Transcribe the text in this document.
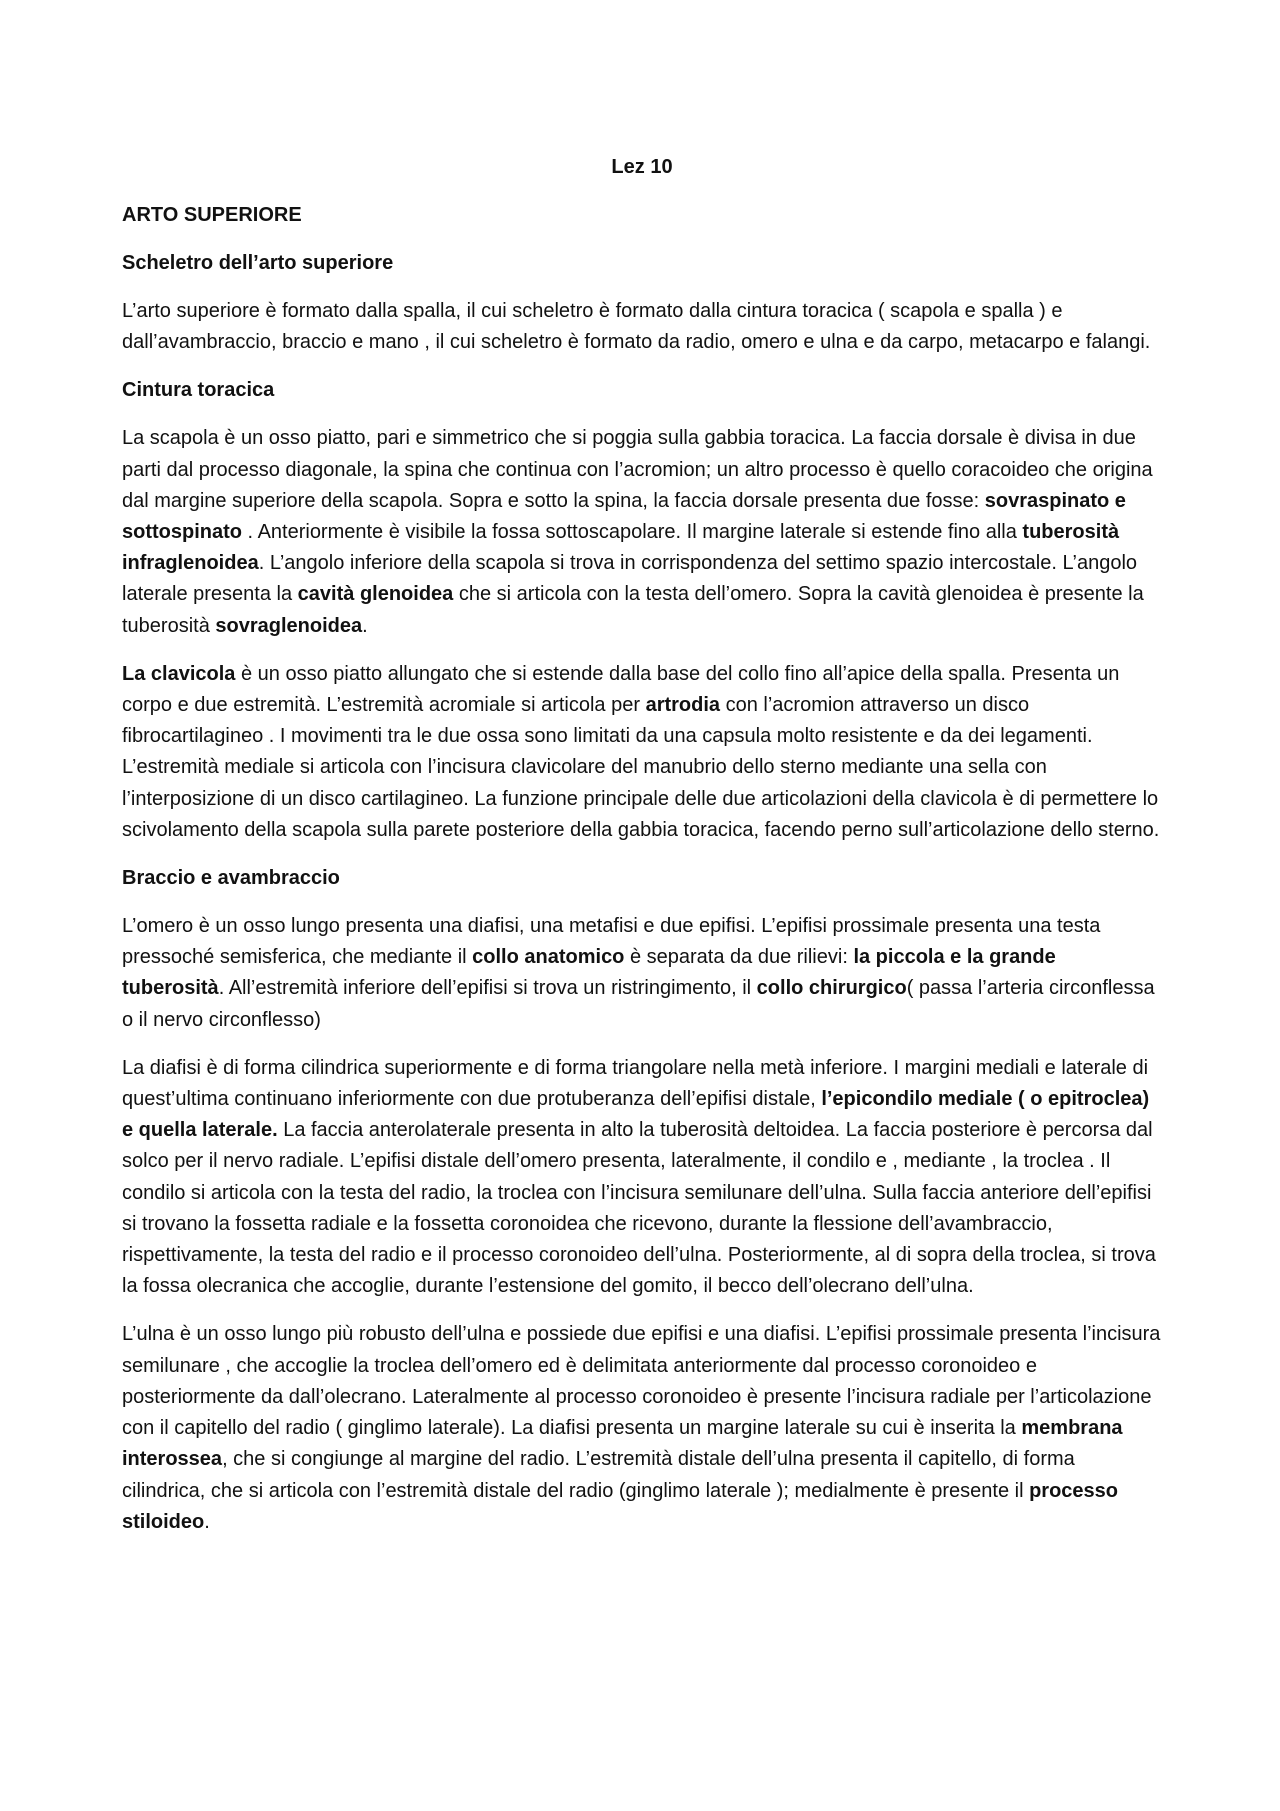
Lez 10
ARTO SUPERIORE
Scheletro dell’arto superiore

L’arto superiore è formato dalla spalla, il cui scheletro è formato dalla cintura toracica ( scapola e spalla ) e dall’avambraccio, braccio e mano , il cui scheletro è formato da radio, omero e ulna e da carpo, metacarpo e falangi.

Cintura toracica

La scapola è un osso piatto, pari e simmetrico che si poggia sulla gabbia toracica. La faccia dorsale è divisa in due parti dal processo diagonale, la spina che continua con l’acromion; un altro processo è quello coracoideo che origina dal margine superiore della scapola. Sopra e sotto la spina, la faccia dorsale presenta due fosse: sovraspinato e sottospinato . Anteriormente è visibile la fossa sottoscapolare. Il margine laterale si estende fino alla tuberosità infraglenoidea. L’angolo inferiore della scapola si trova in corrispondenza del settimo spazio intercostale. L’angolo laterale presenta la cavità glenoidea che si articola con la testa dell’omero. Sopra la cavità glenoidea è presente la tuberosità sovraglenoidea.

La clavicola è un osso piatto allungato che si estende dalla base del collo fino all’apice della spalla. Presenta un corpo e due estremità. L’estremità acromiale si articola per artrodia con l’acromion attraverso un disco fibrocartilagineo . I movimenti tra le due ossa sono limitati da una capsula molto resistente e da dei legamenti. L’estremità mediale si articola con l’incisura clavicolare del manubrio dello sterno mediante una sella con l’interposizione di un disco cartilagineo. La funzione principale delle due articolazioni della clavicola è di permettere lo scivolamento della scapola sulla parete posteriore della gabbia toracica, facendo perno sull’articolazione dello sterno.

Braccio e avambraccio

L’omero è un osso lungo presenta una diafisi, una metafisi e due epifisi. L’epifisi prossimale presenta una testa pressoché semisferica, che mediante il collo anatomico è separata da due rilievi: la piccola e la grande tuberosità. All’estremità inferiore dell’epifisi si trova un ristringimento, il collo chirurgico( passa l’arteria circonflessa o il nervo circonflesso)

La diafisi è di forma cilindrica superiormente e di forma triangolare nella metà inferiore. I margini mediali e laterale di quest’ultima continuano inferiormente con due protuberanza dell’epifisi distale, l’epicondilo mediale ( o epitroclea) e quella laterale. La faccia anterolaterale presenta in alto la tuberosità deltoidea. La faccia posteriore è percorsa dal solco per il nervo radiale. L’epifisi distale dell’omero presenta, lateralmente, il condilo e , mediante , la troclea . Il condilo si articola con la testa del radio, la troclea con l’incisura semilunare dell’ulna. Sulla faccia anteriore dell’epifisi si trovano la fossetta radiale e la fossetta coronoidea che ricevono, durante la flessione dell’avambraccio, rispettivamente, la testa del radio e il processo coronoideo dell’ulna. Posteriormente, al di sopra della troclea, si trova la fossa olecranica che accoglie, durante l’estensione del gomito, il becco dell’olecrano dell’ulna.

L’ulna è un osso lungo più robusto dell’ulna e possiede due epifisi e una diafisi. L’epifisi prossimale presenta l’incisura semilunare , che accoglie la troclea dell’omero ed è delimitata anteriormente dal processo coronoideo e posteriormente da dall’olecrano. Lateralmente al processo coronoideo è presente l’incisura radiale per l’articolazione con il capitello del radio ( ginglimo laterale). La diafisi presenta un margine laterale su cui è inserita la membrana interossea, che si congiunge al margine del radio. L’estremità distale dell’ulna presenta il capitello, di forma cilindrica, che si articola con l’estremità distale del radio (ginglimo laterale ); medialmente è presente il processo stiloideo.
